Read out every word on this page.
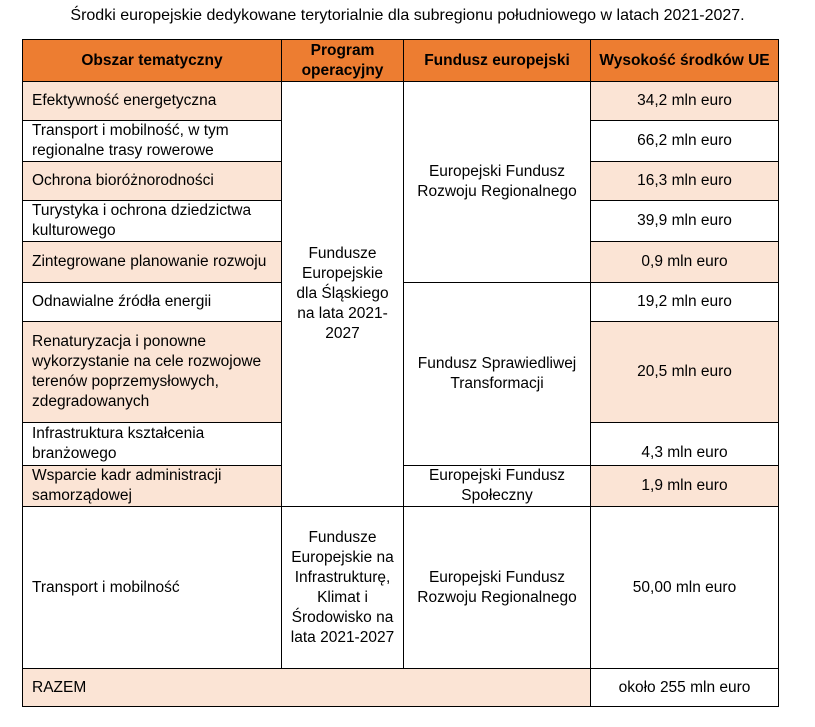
Środki europejskie dedykowane terytorialnie dla subregionu południowego w latach 2021-2027.
Obszar tematyczny	Program operacyjny	Fundusz europejski	Wysokość środków UE
Efektywność energetyczna	Fundusze Europejskie dla Śląskiego na lata 2021-2027	Europejski Fundusz Rozwoju Regionalnego	34,2 mln euro
Transport i mobilność, w tym regionalne trasy rowerowe			66,2 mln euro
Ochrona bioróżnorodności			16,3 mln euro
Turystyka i ochrona dziedzictwa kulturowego			39,9 mln euro
Zintegrowane planowanie rozwoju			0,9 mln euro
Odnawialne źródła energii		Fundusz Sprawiedliwej Transformacji	19,2 mln euro
Renaturyzacja i ponowne wykorzystanie na cele rozwojowe terenów poprzemysłowych, zdegradowanych			20,5 mln euro
Infrastruktura kształcenia branżowego			4,3 mln euro
Wsparcie kadr administracji samorządowej		Europejski Fundusz Społeczny	1,9 mln euro
Transport i mobilność	Fundusze Europejskie na Infrastrukturę, Klimat i Środowisko na lata 2021-2027	Europejski Fundusz Rozwoju Regionalnego	50,00 mln euro
RAZEM			około 255 mln euro
